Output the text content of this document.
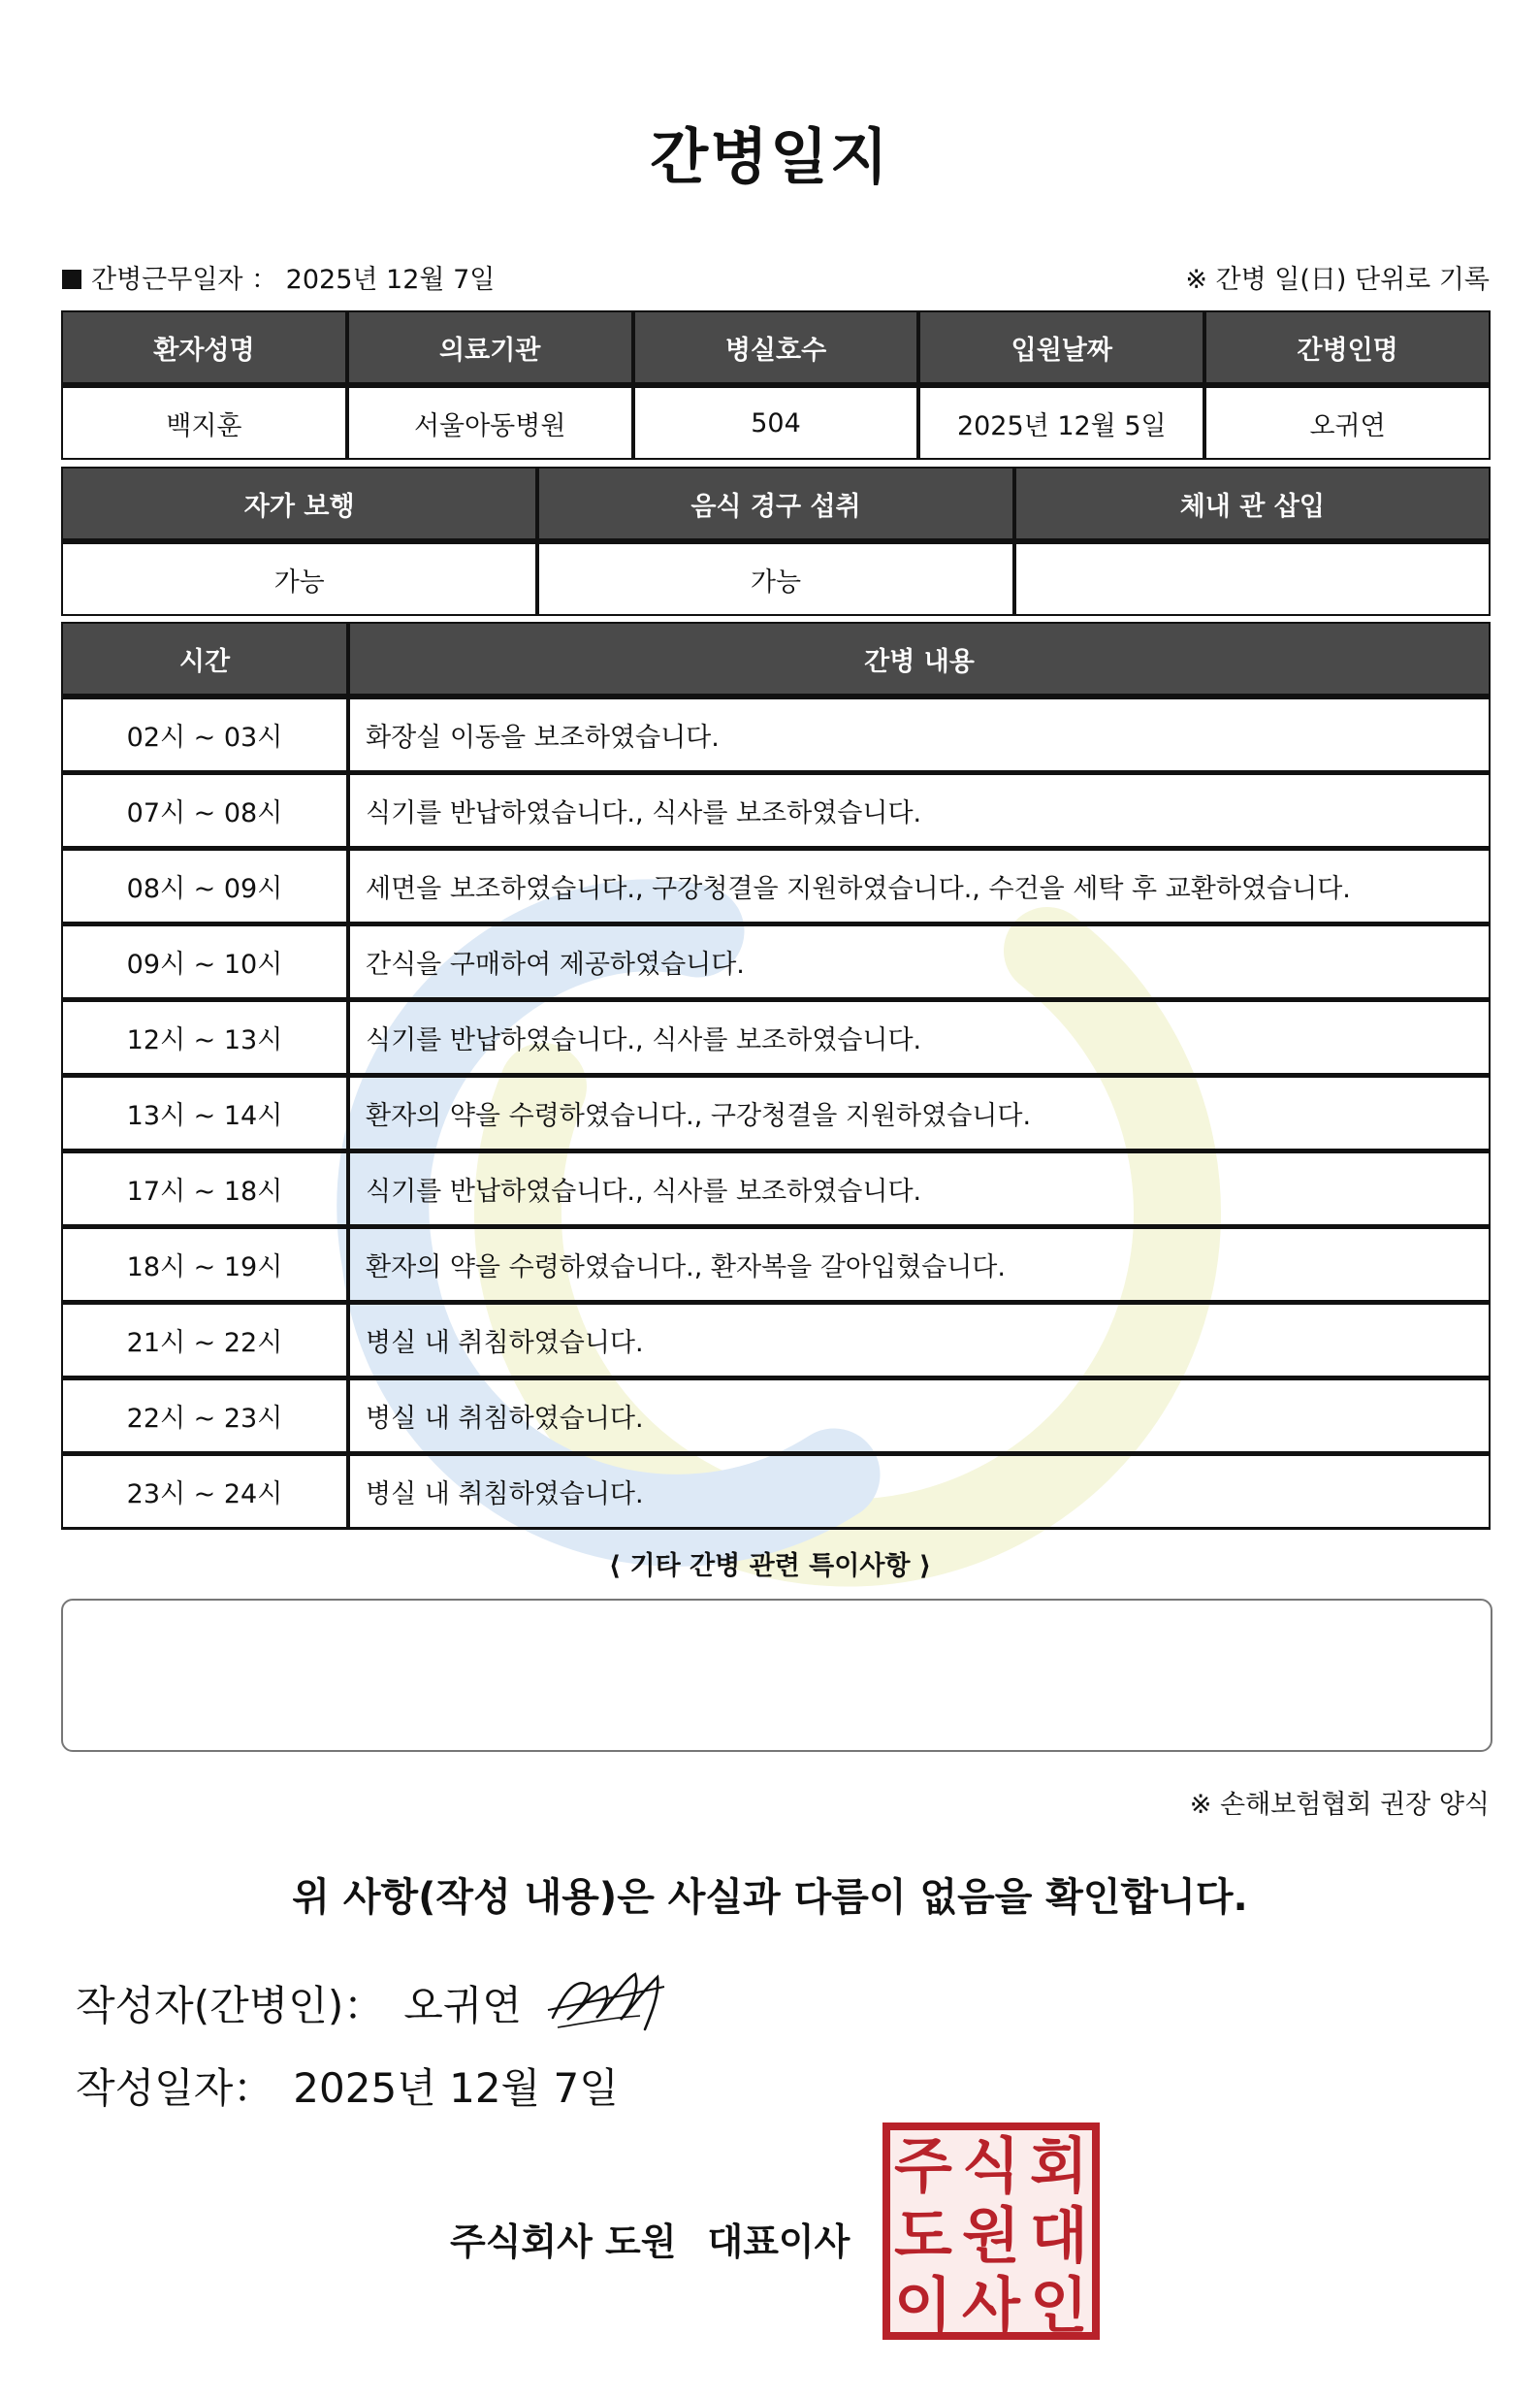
간병일지
간병근무일자 ： 2025년 12월 7일	※ 간병 일(日) 단위로 기록
환자성명	의료기관	병실호수	입원날짜	간병인명
백지훈	서울아동병원	504	2025년 12월 5일	오귀연
자가 보행	음식 경구 섭취	체내 관 삽입
가능	가능	
시간	간병 내용
02시 ~ 03시	화장실 이동을 보조하였습니다.
07시 ~ 08시	식기를 반납하였습니다., 식사를 보조하였습니다.
08시 ~ 09시	세면을 보조하였습니다., 구강청결을 지원하였습니다., 수건을 세탁 후 교환하였습니다.
09시 ~ 10시	간식을 구매하여 제공하였습니다.
12시 ~ 13시	식기를 반납하였습니다., 식사를 보조하였습니다.
13시 ~ 14시	환자의 약을 수령하였습니다., 구강청결을 지원하였습니다.
17시 ~ 18시	식기를 반납하였습니다., 식사를 보조하였습니다.
18시 ~ 19시	환자의 약을 수령하였습니다., 환자복을 갈아입혔습니다.
21시 ~ 22시	병실 내 취침하였습니다.
22시 ~ 23시	병실 내 취침하였습니다.
23시 ~ 24시	병실 내 취침하였습니다.
⟨ 기타 간병 관련 특이사항 ⟩
※ 손해보험협회 권장 양식
위 사항(작성 내용)은 사실과 다름이 없음을 확인합니다.
작성자(간병인)： 오귀연
작성일자： 2025년 12월 7일
주식회사 도원 대표이사
주 식 회
도 원 대
이 사 인
